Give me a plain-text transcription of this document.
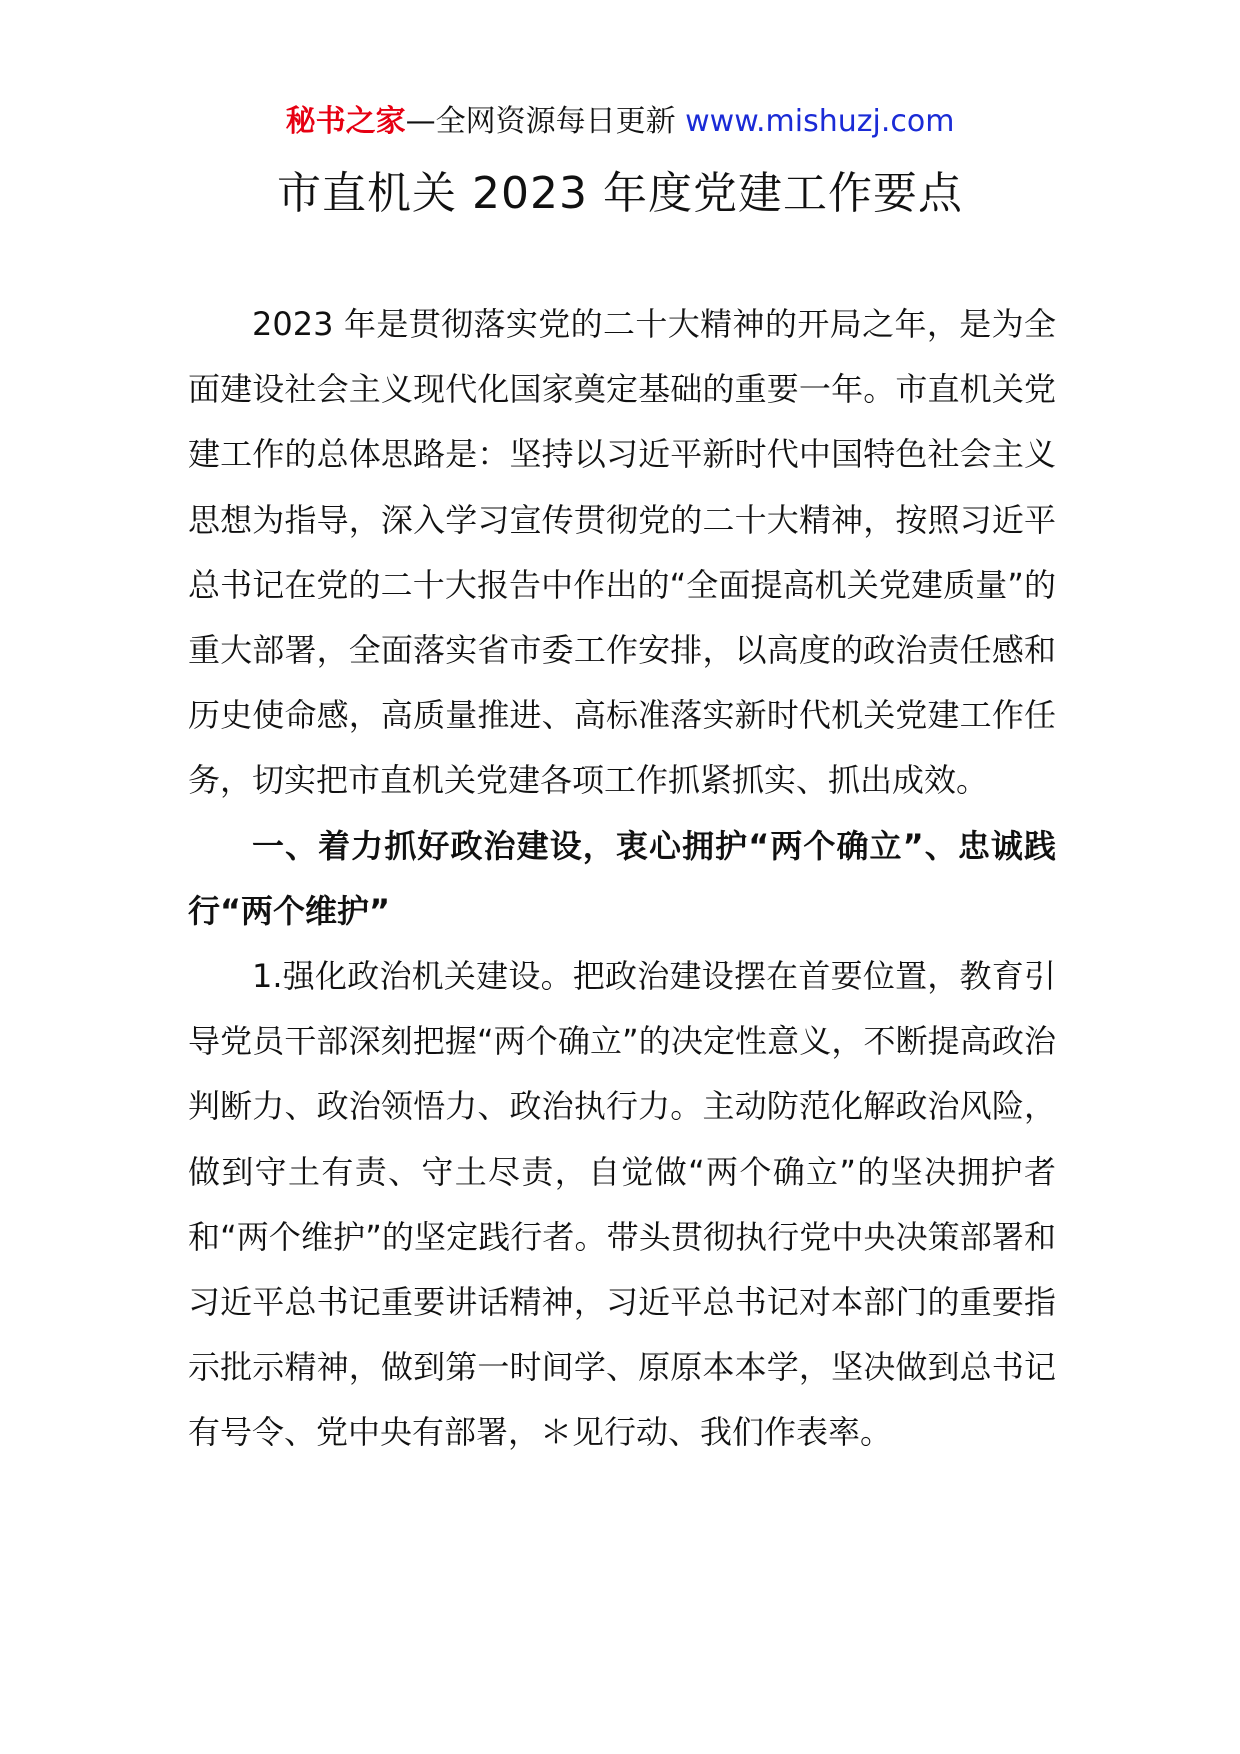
秘书之家—全网资源每日更新 www.mishuzj.com
市直机关 2023 年度党建工作要点

2023 年是贯彻落实党的二十大精神的开局之年，是为全面建设社会主义现代化国家奠定基础的重要一年。市直机关党建工作的总体思路是：坚持以习近平新时代中国特色社会主义思想为指导，深入学习宣传贯彻党的二十大精神，按照习近平总书记在党的二十大报告中作出的“全面提高机关党建质量”的重大部署，全面落实省市委工作安排，以高度的政治责任感和历史使命感，高质量推进、高标准落实新时代机关党建工作任务，切实把市直机关党建各项工作抓紧抓实、抓出成效。

一、着力抓好政治建设，衷心拥护“两个确立”、忠诚践行“两个维护”

1.强化政治机关建设。把政治建设摆在首要位置，教育引导党员干部深刻把握“两个确立”的决定性意义，不断提高政治判断力、政治领悟力、政治执行力。主动防范化解政治风险，做到守土有责、守土尽责，自觉做“两个确立”的坚决拥护者和“两个维护”的坚定践行者。带头贯彻执行党中央决策部署和习近平总书记重要讲话精神，习近平总书记对本部门的重要指示批示精神，做到第一时间学、原原本本学，坚决做到总书记有号令、党中央有部署，＊见行动、我们作表率。
